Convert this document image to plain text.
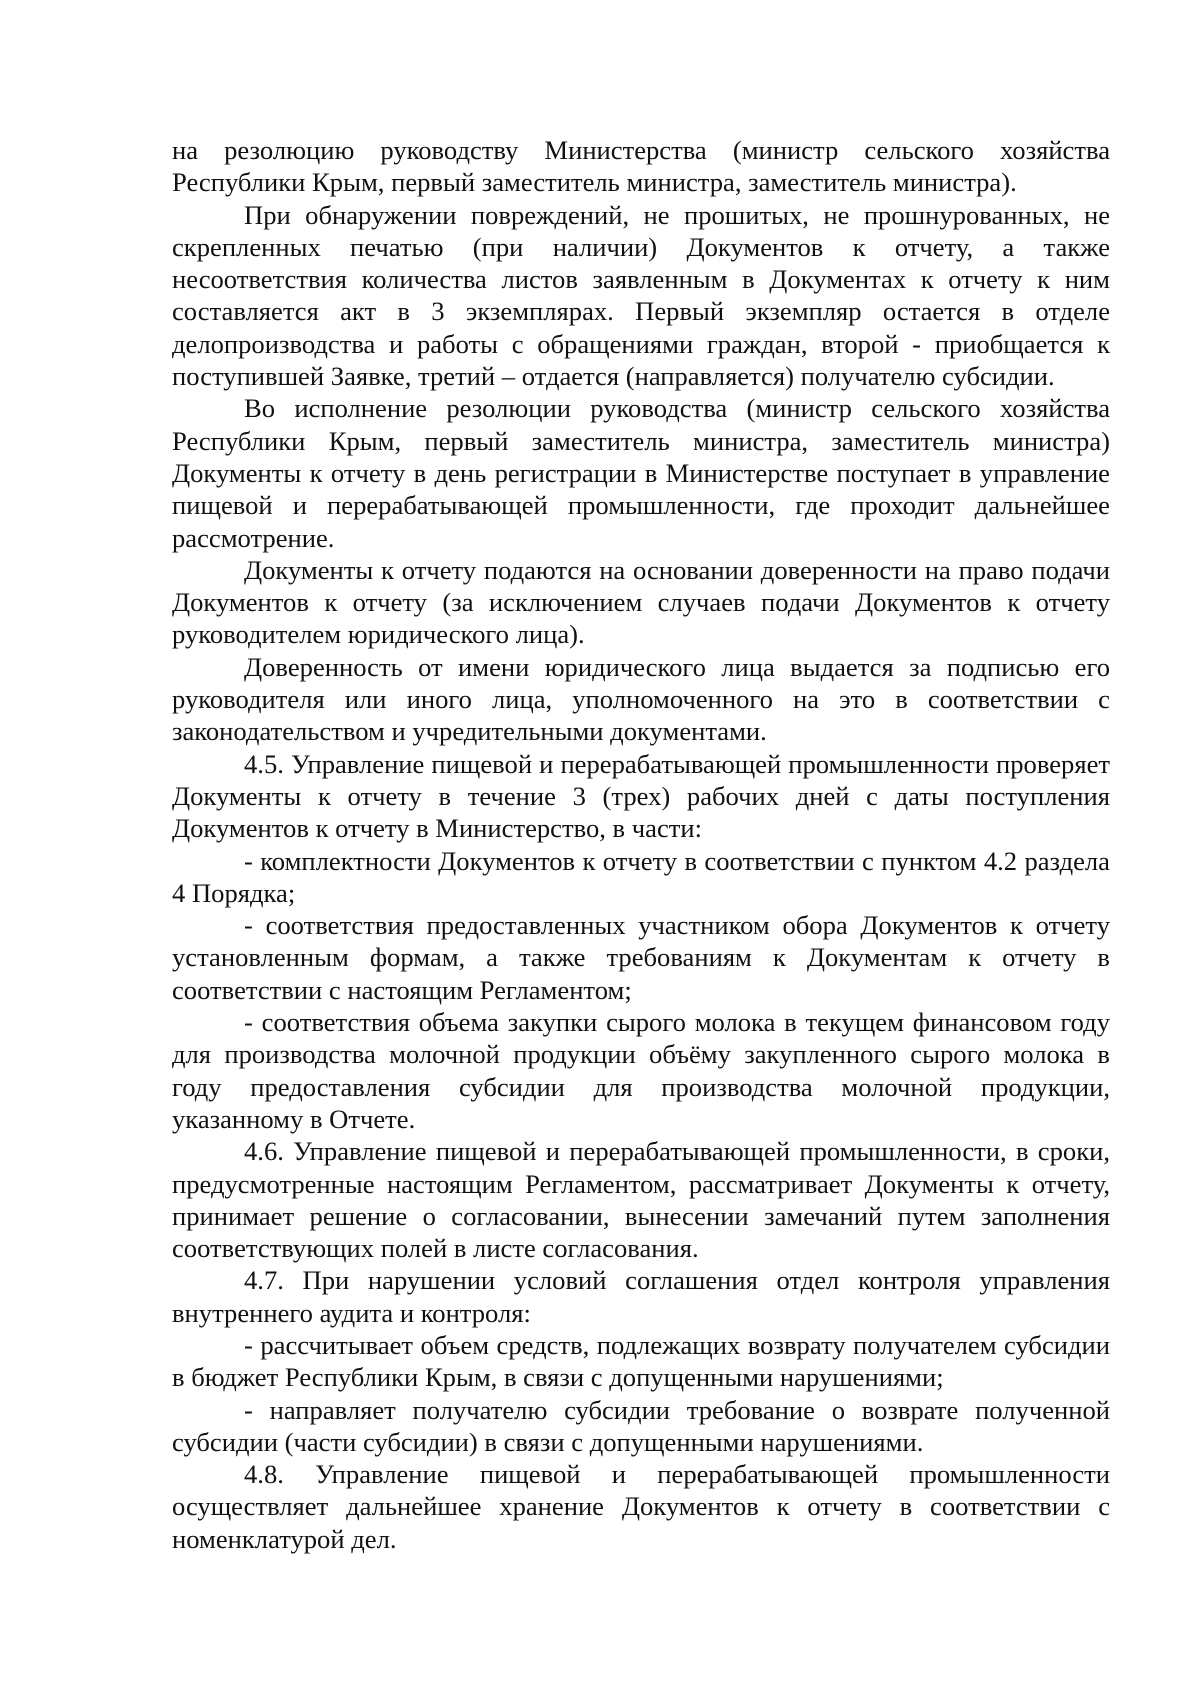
на резолюцию руководству Министерства (министр сельского хозяйства Республики Крым, первый заместитель министра, заместитель министра).

При обнаружении повреждений, не прошитых, не прошнурованных, не скрепленных печатью (при наличии) Документов к отчету, а также несоответствия количества листов заявленным в Документах к отчету к ним составляется акт в 3 экземплярах. Первый экземпляр остается в отделе делопроизводства и работы с обращениями граждан, второй - приобщается к поступившей Заявке, третий – отдается (направляется) получателю субсидии.

Во исполнение резолюции руководства (министр сельского хозяйства Республики Крым, первый заместитель министра, заместитель министра) Документы к отчету в день регистрации в Министерстве поступает в управление пищевой и перерабатывающей промышленности, где проходит дальнейшее рассмотрение.

Документы к отчету подаются на основании доверенности на право подачи Документов к отчету (за исключением случаев подачи Документов к отчету руководителем юридического лица).

Доверенность от имени юридического лица выдается за подписью его руководителя или иного лица, уполномоченного на это в соответствии с законодательством и учредительными документами.

4.5. Управление пищевой и перерабатывающей промышленности проверяет Документы к отчету в течение 3 (трех) рабочих дней с даты поступления Документов к отчету в Министерство, в части:

- комплектности Документов к отчету в соответствии с пунктом 4.2 раздела 4 Порядка;

- соответствия предоставленных участником обора Документов к отчету установленным формам, а также требованиям к Документам к отчету в соответствии с настоящим Регламентом;

- соответствия объема закупки сырого молока в текущем финансовом году для производства молочной продукции объёму закупленного сырого молока в году предоставления субсидии для производства молочной продукции, указанному в Отчете.

4.6. Управление пищевой и перерабатывающей промышленности, в сроки, предусмотренные настоящим Регламентом, рассматривает Документы к отчету, принимает решение о согласовании, вынесении замечаний путем заполнения соответствующих полей в листе согласования.

4.7. При нарушении условий соглашения отдел контроля управления внутреннего аудита и контроля:

- рассчитывает объем средств, подлежащих возврату получателем субсидии в бюджет Республики Крым, в связи с допущенными нарушениями;

- направляет получателю субсидии требование о возврате полученной субсидии (части субсидии) в связи с допущенными нарушениями.

4.8. Управление пищевой и перерабатывающей промышленности осуществляет дальнейшее хранение Документов к отчету в соответствии с номенклатурой дел.
